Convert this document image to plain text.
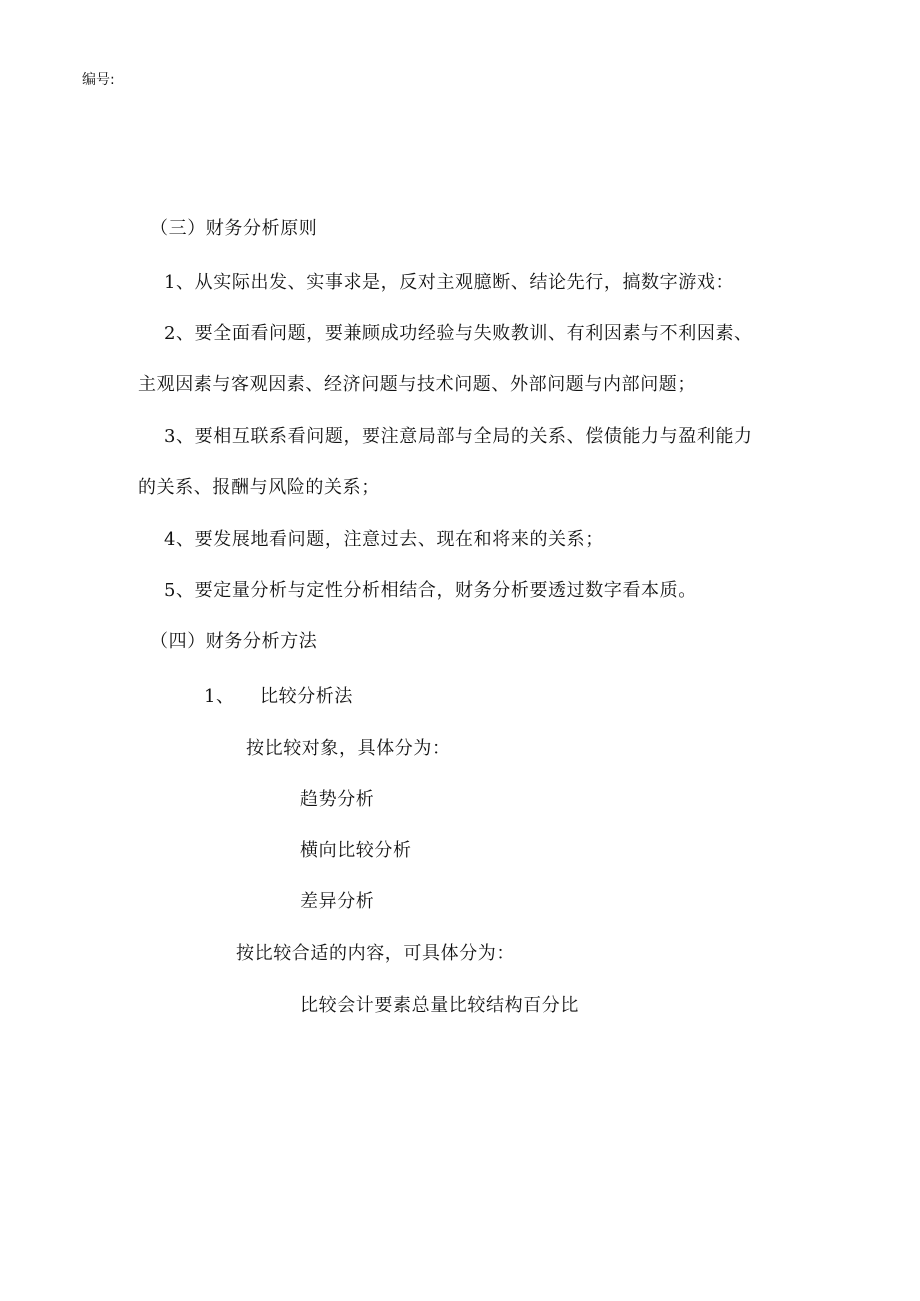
编号:
（三）财务分析原则
1、从实际出发、实事求是，反对主观臆断、结论先行，搞数字游戏：
2、要全面看问题，要兼顾成功经验与失败教训、有利因素与不利因素、
主观因素与客观因素、经济问题与技术问题、外部问题与内部问题；
3、要相互联系看问题，要注意局部与全局的关系、偿债能力与盈利能力
的关系、报酬与风险的关系；
4、要发展地看问题，注意过去、现在和将来的关系；
5、要定量分析与定性分析相结合，财务分析要透过数字看本质。
（四）财务分析方法
1、 比较分析法
按比较对象，具体分为：
趋势分析
横向比较分析
差异分析
按比较合适的内容，可具体分为：
比较会计要素总量比较结构百分比
